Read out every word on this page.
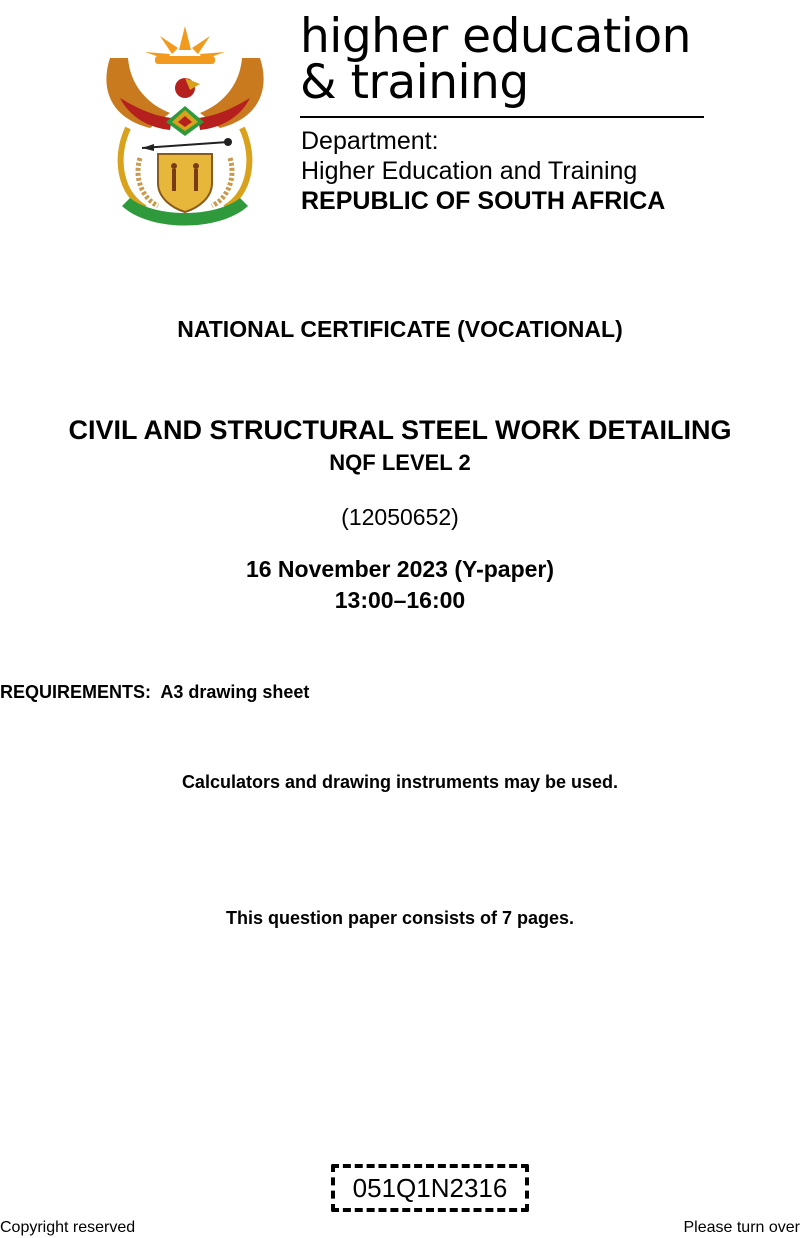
higher education
& training
Department:
Higher Education and Training
REPUBLIC OF SOUTH AFRICA
NATIONAL CERTIFICATE (VOCATIONAL)
CIVIL AND STRUCTURAL STEEL WORK DETAILING
NQF LEVEL 2
(12050652)
16 November 2023 (Y-paper)
13:00–16:00
REQUIREMENTS: A3 drawing sheet
Calculators and drawing instruments may be used.
This question paper consists of 7 pages.
051Q1N2316
Copyright reserved	Please turn over
